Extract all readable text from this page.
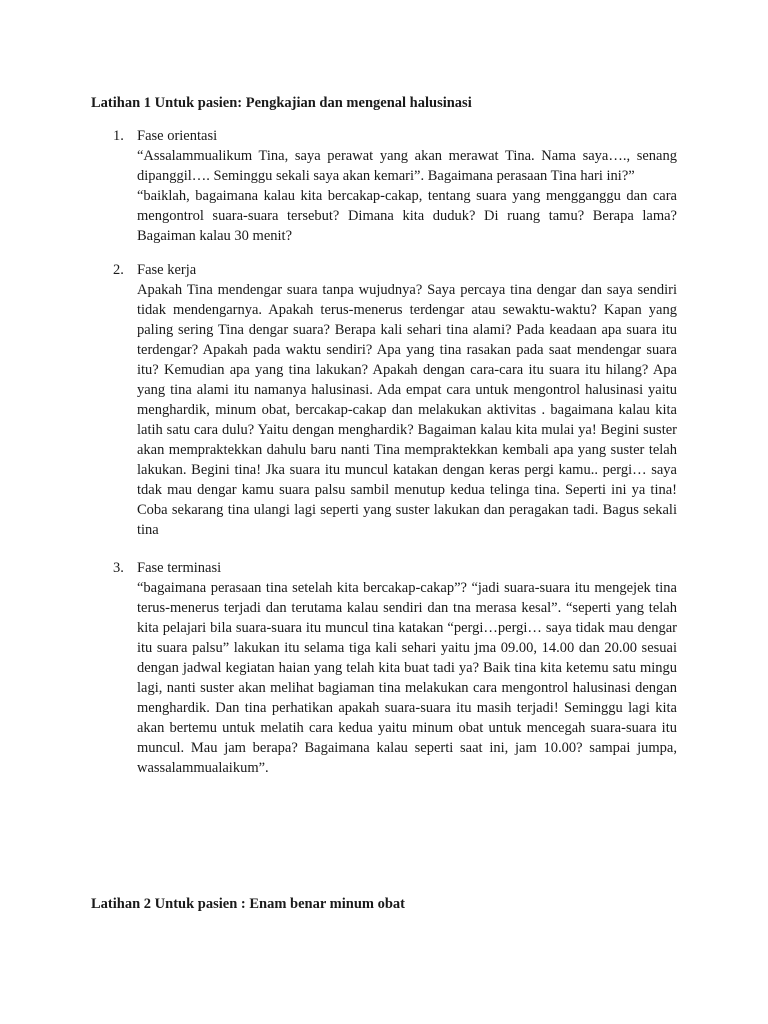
Latihan 1 Untuk pasien: Pengkajian dan mengenal halusinasi
1. Fase orientasi

“Assalammualikum Tina, saya perawat yang akan merawat Tina. Nama saya…., senang dipanggil…. Seminggu sekali saya akan kemari”. Bagaimana perasaan Tina hari ini?”

“baiklah, bagaimana kalau kita bercakap-cakap, tentang suara yang mengganggu dan cara mengontrol suara-suara tersebut? Dimana kita duduk? Di ruang tamu? Berapa lama? Bagaiman kalau 30 menit?

2. Fase kerja

Apakah Tina mendengar suara tanpa wujudnya? Saya percaya tina dengar dan saya sendiri tidak mendengarnya. Apakah terus-menerus terdengar atau sewaktu-waktu? Kapan yang paling sering Tina dengar suara? Berapa kali sehari tina alami? Pada keadaan apa suara itu terdengar? Apakah pada waktu sendiri? Apa yang tina rasakan pada saat mendengar suara itu? Kemudian apa yang tina lakukan? Apakah dengan cara-cara itu suara itu hilang? Apa yang tina alami itu namanya halusinasi. Ada empat cara untuk mengontrol halusinasi yaitu menghardik, minum obat, bercakap-cakap dan melakukan aktivitas . bagaimana kalau kita latih satu cara dulu? Yaitu dengan menghardik? Bagaiman kalau kita mulai ya! Begini suster akan mempraktekkan dahulu baru nanti Tina mempraktekkan kembali apa yang suster telah lakukan. Begini tina! Jka suara itu muncul katakan dengan keras pergi kamu.. pergi… saya tdak mau dengar kamu suara palsu sambil menutup kedua telinga tina. Seperti ini ya tina! Coba sekarang tina ulangi lagi seperti yang suster lakukan dan peragakan tadi. Bagus sekali tina

3. Fase terminasi

“bagaimana perasaan tina setelah kita bercakap-cakap”? “jadi suara-suara itu mengejek tina terus-menerus terjadi dan terutama kalau sendiri dan tna merasa kesal”. “seperti yang telah kita pelajari bila suara-suara itu muncul tina katakan “pergi…pergi… saya tidak mau dengar itu suara palsu” lakukan itu selama tiga kali sehari yaitu jma 09.00, 14.00 dan 20.00 sesuai dengan jadwal kegiatan haian yang telah kita buat tadi ya? Baik tina kita ketemu satu mingu lagi, nanti suster akan melihat bagiaman tina melakukan cara mengontrol halusinasi dengan menghardik. Dan tina perhatikan apakah suara-suara itu masih terjadi! Seminggu lagi kita akan bertemu untuk melatih cara kedua yaitu minum obat untuk mencegah suara-suara itu muncul. Mau jam berapa? Bagaimana kalau seperti saat ini, jam 10.00? sampai jumpa, wassalammualaikum”.

Latihan 2 Untuk pasien : Enam benar minum obat
